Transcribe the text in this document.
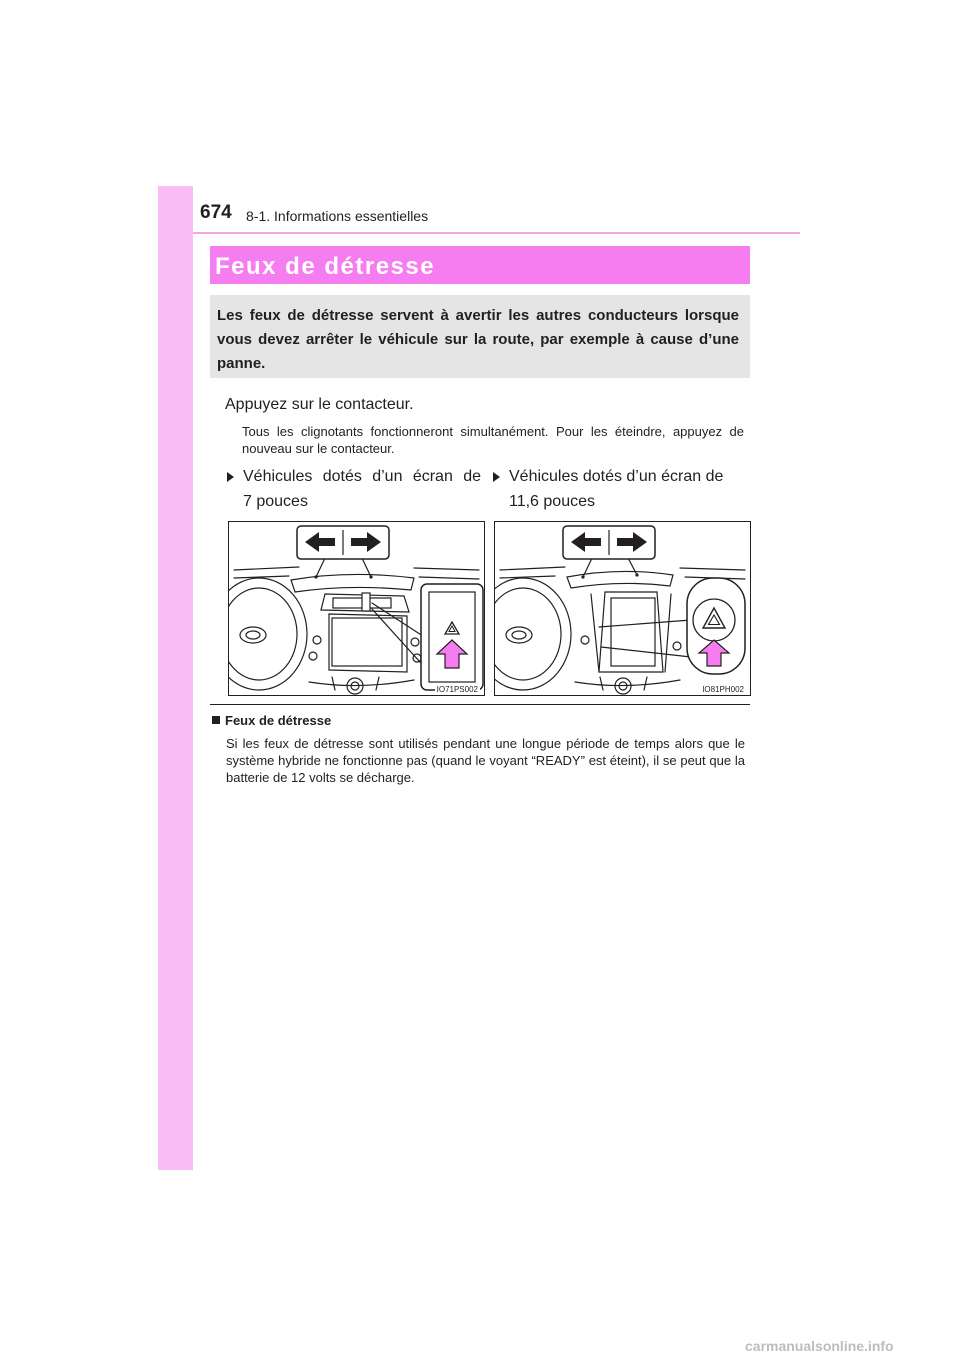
674 8-1. Informations essentielles
Feux de détresse

Les feux de détresse servent à avertir les autres conducteurs lorsque vous devez arrêter le véhicule sur la route, par exemple à cause d’une panne.

Appuyez sur le contacteur.

Tous les clignotants fonctionneront simultanément. Pour les éteindre, appuyez de nouveau sur le contacteur.

Véhicules dotés d’un écran de
7 pouces

Véhicules dotés d’un écran de 11,6 pouces

IO71PS002	IO81PH002
Feux de détresse

Si les feux de détresse sont utilisés pendant une longue période de temps alors que le système hybride ne fonctionne pas (quand le voyant “READY” est éteint), il se peut que la batterie de 12 volts se décharge.

carmanualsonline.info
